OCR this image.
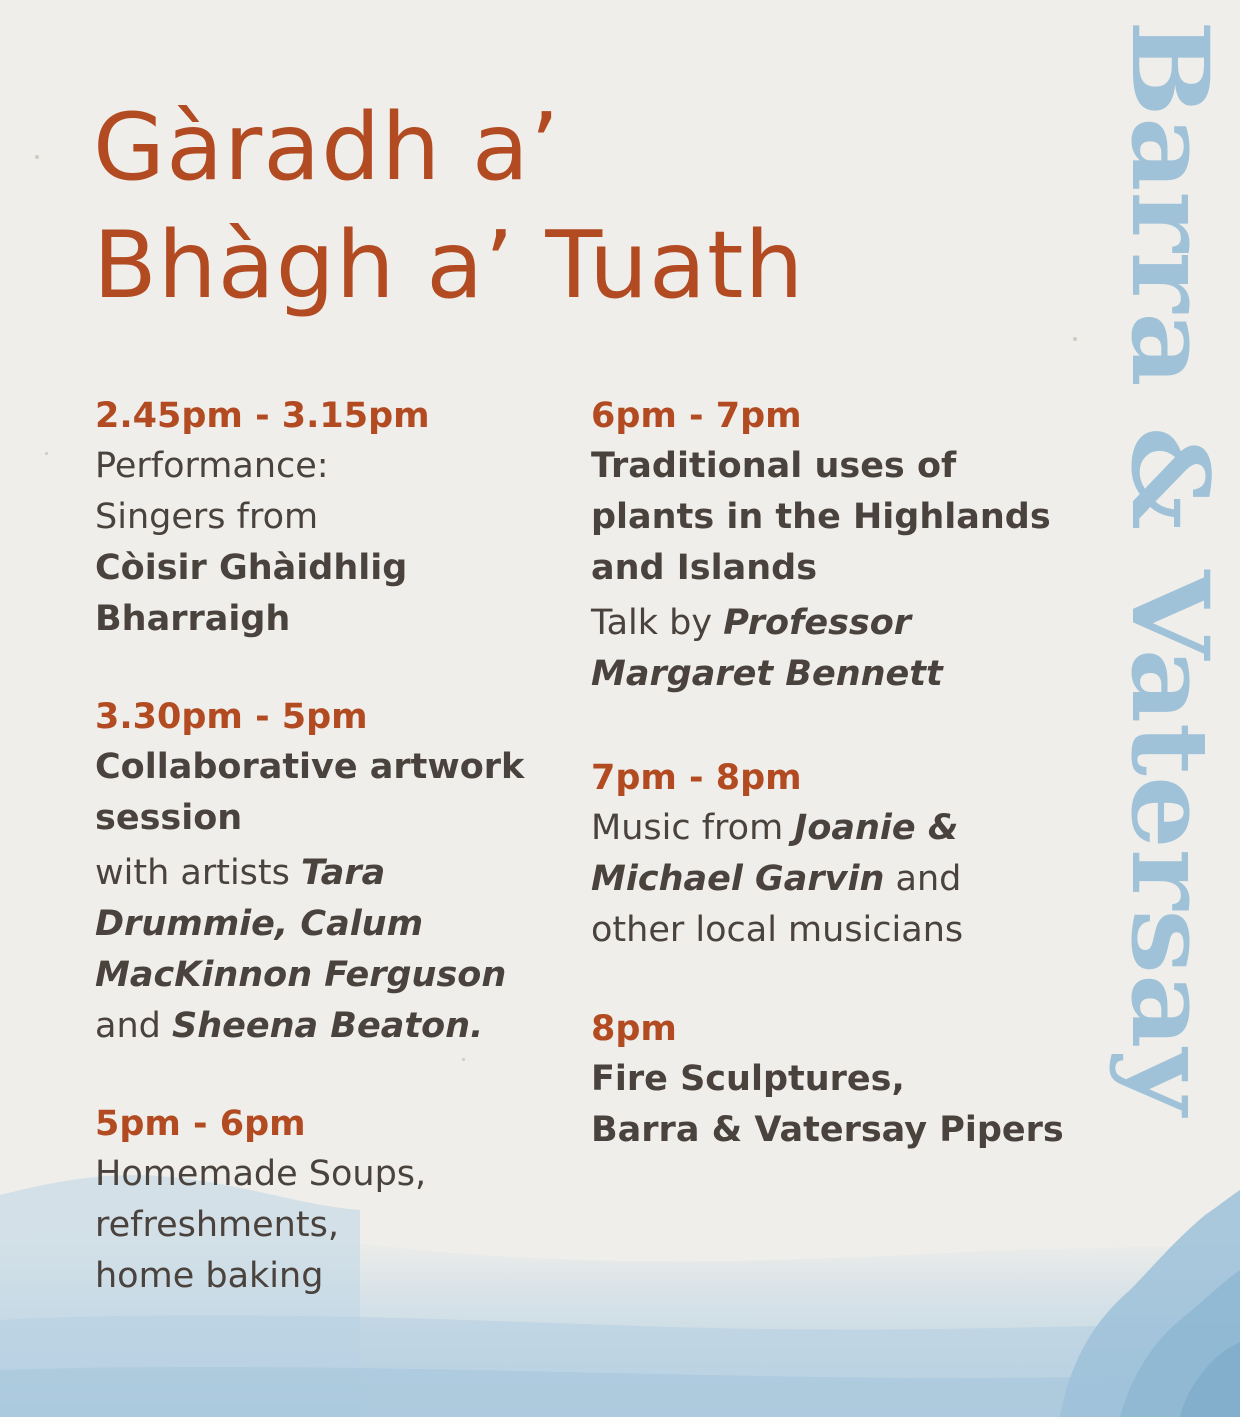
Gàradh a’
Bhàgh a’ Tuath	Barra & Vatersay
2.45pm - 3.15pm
Performance:
Singers from
Còisir Ghàidhlig
Bharraigh
3.30pm - 5pm
Collaborative artwork
session
with artists Tara
Drummie, Calum
MacKinnon Ferguson
and Sheena Beaton.
5pm - 6pm
Homemade Soups,
refreshments,
home baking
6pm - 7pm
Traditional uses of
plants in the Highlands
and Islands
Talk by Professor
Margaret Bennett
7pm - 8pm
Music from Joanie &
Michael Garvin and
other local musicians
8pm
Fire Sculptures,
Barra & Vatersay Pipers
